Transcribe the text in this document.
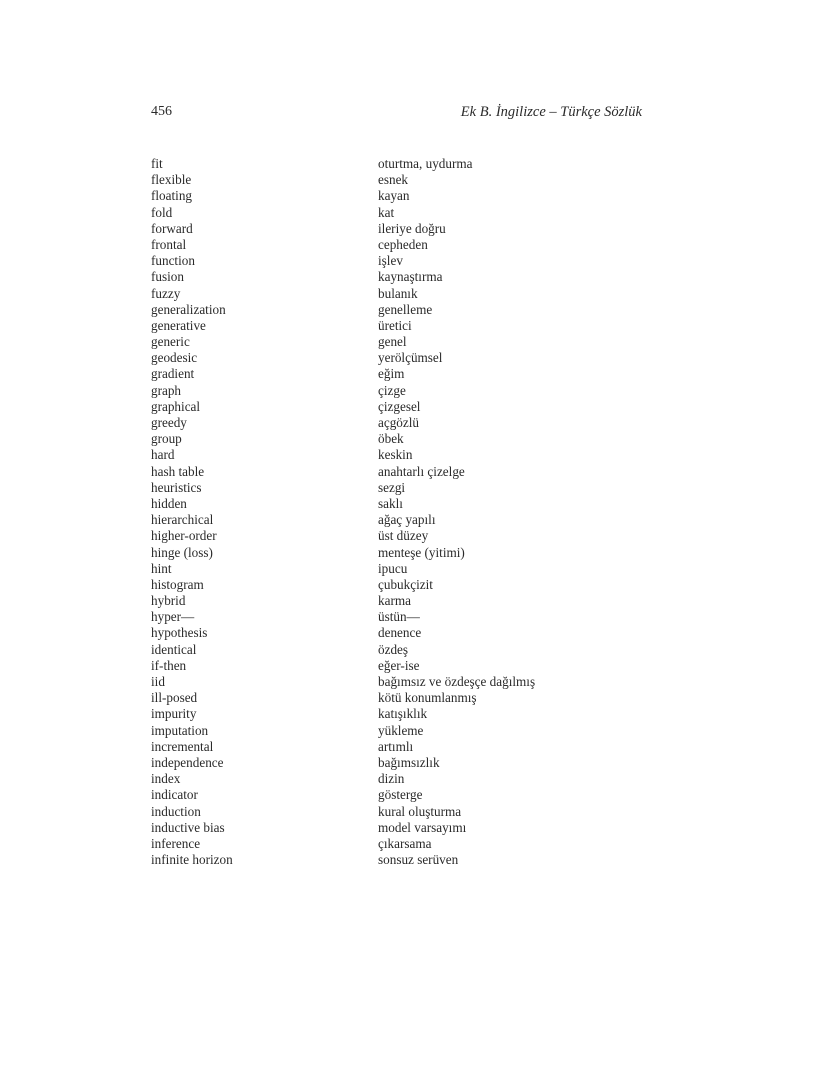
456	Ek B. İngilizce – Türkçe Sözlük
fit	oturtma, uydurma
flexible	esnek
floating	kayan
fold	kat
forward	ileriye doğru
frontal	cepheden
function	işlev
fusion	kaynaştırma
fuzzy	bulanık
generalization	genelleme
generative	üretici
generic	genel
geodesic	yerölçümsel
gradient	eğim
graph	çizge
graphical	çizgesel
greedy	açgözlü
group	öbek
hard	keskin
hash table	anahtarlı çizelge
heuristics	sezgi
hidden	saklı
hierarchical	ağaç yapılı
higher-order	üst düzey
hinge (loss)	menteşe (yitimi)
hint	ipucu
histogram	çubukçizit
hybrid	karma
hyper—	üstün—
hypothesis	denence
identical	özdeş
if-then	eğer-ise
iid	bağımsız ve özdeşçe dağılmış
ill-posed	kötü konumlanmış
impurity	katışıklık
imputation	yükleme
incremental	artımlı
independence	bağımsızlık
index	dizin
indicator	gösterge
induction	kural oluşturma
inductive bias	model varsayımı
inference	çıkarsama
infinite horizon	sonsuz serüven
